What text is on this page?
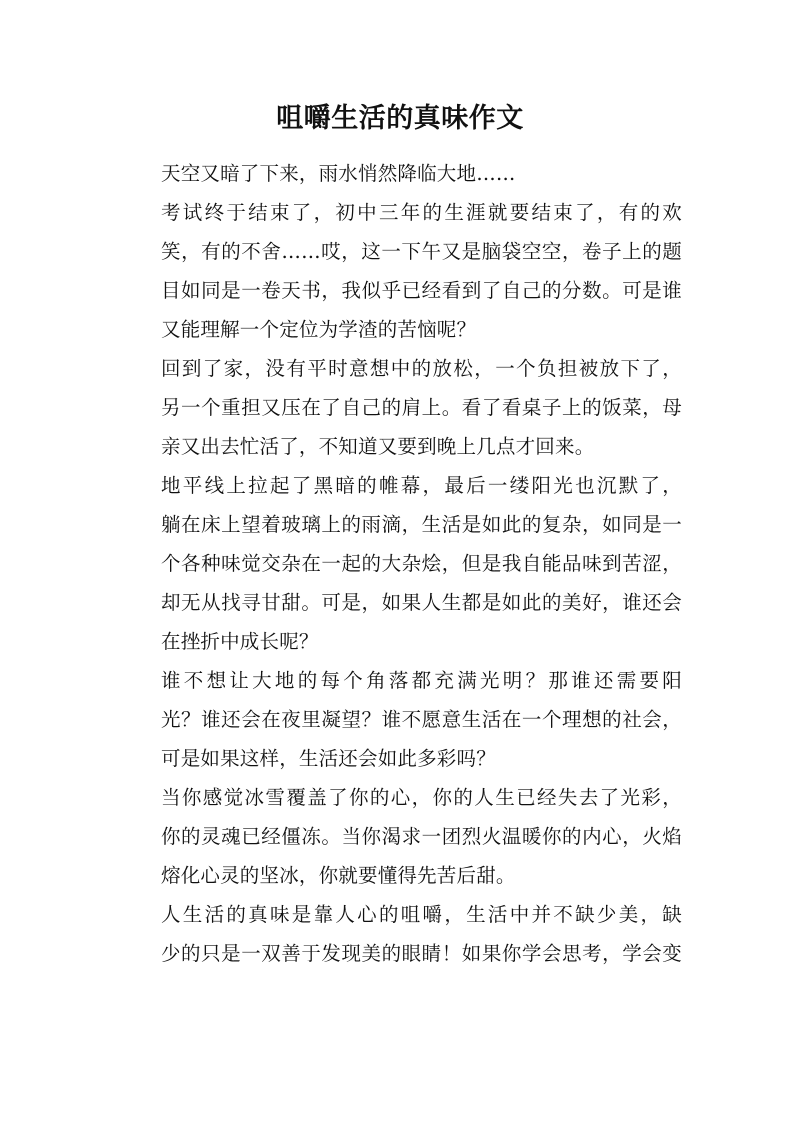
咀嚼生活的真味作文
天空又暗了下来，雨水悄然降临大地……
考试终于结束了，初中三年的生涯就要结束了，有的欢
笑，有的不舍……哎，这一下午又是脑袋空空，卷子上的题
目如同是一卷天书，我似乎已经看到了自己的分数。可是谁
又能理解一个定位为学渣的苦恼呢？
回到了家，没有平时意想中的放松，一个负担被放下了，
另一个重担又压在了自己的肩上。看了看桌子上的饭菜，母
亲又出去忙活了，不知道又要到晚上几点才回来。
地平线上拉起了黑暗的帷幕，最后一缕阳光也沉默了，
躺在床上望着玻璃上的雨滴，生活是如此的复杂，如同是一
个各种味觉交杂在一起的大杂烩，但是我自能品味到苦涩，
却无从找寻甘甜。可是，如果人生都是如此的美好，谁还会
在挫折中成长呢？
谁不想让大地的每个角落都充满光明？那谁还需要阳
光？谁还会在夜里凝望？谁不愿意生活在一个理想的社会，
可是如果这样，生活还会如此多彩吗？
当你感觉冰雪覆盖了你的心，你的人生已经失去了光彩，
你的灵魂已经僵冻。当你渴求一团烈火温暖你的内心，火焰
熔化心灵的坚冰，你就要懂得先苦后甜。
人生活的真味是靠人心的咀嚼，生活中并不缺少美，缺
少的只是一双善于发现美的眼睛！如果你学会思考，学会变
